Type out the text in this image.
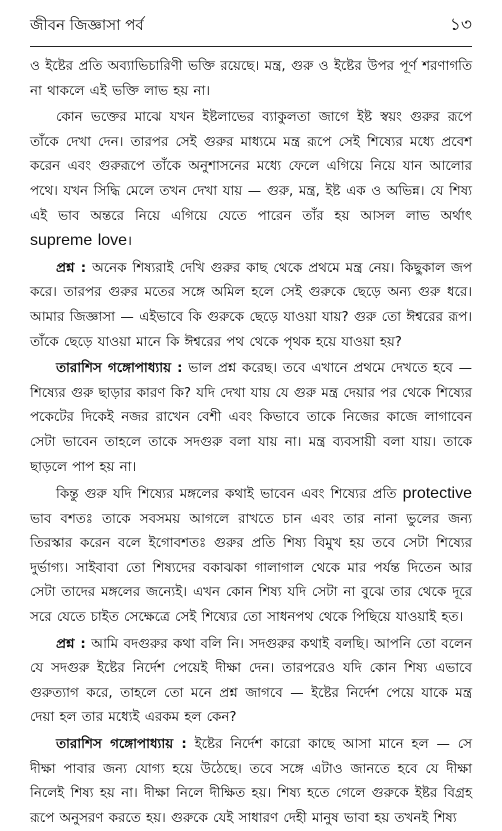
জীবন জিজ্ঞাসা পর্ব	১৩

ও ইষ্টের প্রতি অব্যাভিচারিণী ভক্তি রয়েছে। মন্ত্র, গুরু ও ইষ্টের উপর পূর্ণ শরণাগতি না থাকলে এই ভক্তি লাভ হয় না।

কোন ভক্তের মাঝে যখন ইষ্টলাভের ব্যাকুলতা জাগে ইষ্ট স্বয়ং গুরুর রূপে তাঁকে দেখা দেন। তারপর সেই গুরুর মাধ্যমে মন্ত্র রূপে সেই শিষ্যের মধ্যে প্রবেশ করেন এবং গুরুরূপে তাঁকে অনুশাসনের মধ্যে ফেলে এগিয়ে নিয়ে যান আলোর পথে। যখন সিদ্ধি মেলে তখন দেখা যায় — গুরু, মন্ত্র, ইষ্ট এক ও অভিন্ন। যে শিষ্য এই ভাব অন্তরে নিয়ে এগিয়ে যেতে পারেন তাঁর হয় আসল লাভ অর্থাৎ supreme love।

প্রশ্ন : অনেক শিষ্যরাই দেখি গুরুর কাছ থেকে প্রথমে মন্ত্র নেয়। কিছুকাল জপ করে। তারপর গুরুর মতের সঙ্গে অমিল হলে সেই গুরুকে ছেড়ে অন্য গুরু ধরে। আমার জিজ্ঞাসা — এইভাবে কি গুরুকে ছেড়ে যাওয়া যায়? গুরু তো ঈশ্বরের রূপ। তাঁকে ছেড়ে যাওয়া মানে কি ঈশ্বরের পথ থেকে পৃথক হয়ে যাওয়া হয়?

তারাশিস গঙ্গোপাধ্যায় : ভাল প্রশ্ন করেছ। তবে এখানে প্রথমে দেখতে হবে — শিষ্যের গুরু ছাড়ার কারণ কি? যদি দেখা যায় যে গুরু মন্ত্র দেয়ার পর থেকে শিষ্যের পকেটের দিকেই নজর রাখেন বেশী এবং কিভাবে তাকে নিজের কাজে লাগাবেন সেটা ভাবেন তাহলে তাকে সদগুরু বলা যায় না। মন্ত্র ব্যবসায়ী বলা যায়। তাকে ছাড়লে পাপ হয় না।

কিন্তু গুরু যদি শিষ্যের মঙ্গলের কথাই ভাবেন এবং শিষ্যের প্রতি protective ভাব বশতঃ তাকে সবসময় আগলে রাখতে চান এবং তার নানা ভুলের জন্য তিরস্কার করেন বলে ইগোবশতঃ গুরুর প্রতি শিষ্য বিমুখ হয় তবে সেটা শিষ্যের দুর্ভাগ্য। সাইবাবা তো শিষ্যদের বকাঝকা গালাগাল থেকে মার পর্যন্ত দিতেন আর সেটা তাদের মঙ্গলের জন্যেই। এখন কোন শিষ্য যদি সেটা না বুঝে তার থেকে দূরে সরে যেতে চাইত সেক্ষেত্রে সেই শিষ্যের তো সাধনপথ থেকে পিছিয়ে যাওয়াই হত।

প্রশ্ন : আমি বদগুরুর কথা বলি নি। সদগুরুর কথাই বলছি। আপনি তো বলেন যে সদগুরু ইষ্টের নির্দেশ পেয়েই দীক্ষা দেন। তারপরেও যদি কোন শিষ্য এভাবে গুরুত্যাগ করে, তাহলে তো মনে প্রশ্ন জাগবে — ইষ্টের নির্দেশ পেয়ে যাকে মন্ত্র দেয়া হল তার মধ্যেই এরকম হল কেন?

তারাশিস গঙ্গোপাধ্যায় : ইষ্টের নির্দেশ কারো কাছে আসা মানে হল — সে দীক্ষা পাবার জন্য যোগ্য হয়ে উঠেছে। তবে সঙ্গে এটাও জানতে হবে যে দীক্ষা নিলেই শিষ্য হয় না। দীক্ষা নিলে দীক্ষিত হয়। শিষ্য হতে গেলে গুরুকে ইষ্টর বিগ্রহ রূপে অনুসরণ করতে হয়। গুরুকে যেই সাধারণ দেহী মানুষ ভাবা হয় তখনই শিষ্য
